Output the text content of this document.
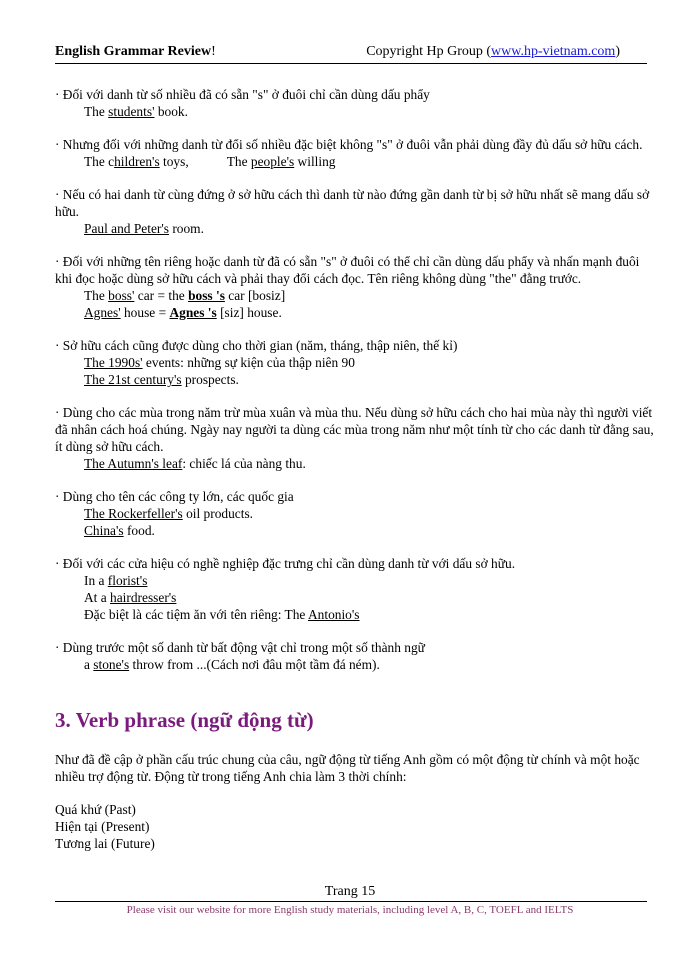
English Grammar Review!	Copyright Hp Group (www.hp-vietnam.com)

· Đối với danh từ số nhiều đã có sẵn "s" ở đuôi chỉ cần dùng dấu phẩy

The students' book.

· Nhưng đối với những danh từ đổi số nhiều đặc biệt không "s" ở đuôi vẫn phải dùng đầy đủ dấu sở hữu cách.

The children's toys,	The people's willing

· Nếu có hai danh từ cùng đứng ở sở hữu cách thì danh từ nào đứng gần danh từ bị sở hữu nhất sẽ mang dấu sở hữu.

Paul and Peter's room.

· Đối với những tên riêng hoặc danh từ đã có sẵn "s" ở đuôi có thể chỉ cần dùng dấu phẩy và nhấn mạnh đuôi khi đọc hoặc dùng sở hữu cách và phải thay đổi cách đọc. Tên riêng không dùng "the" đằng trước.

The boss' car = the boss 's car [bosiz]

Agnes' house = Agnes 's [siz] house.

· Sở hữu cách cũng được dùng cho thời gian (năm, tháng, thập niên, thế kỉ)

The 1990s' events: những sự kiện của thập niên 90

The 21st century's prospects.

· Dùng cho các mùa trong năm trừ mùa xuân và mùa thu. Nếu dùng sở hữu cách cho hai mùa này thì người viết đã nhân cách hoá chúng. Ngày nay người ta dùng các mùa trong năm như một tính từ cho các danh từ đằng sau, ít dùng sở hữu cách.

The Autumn's leaf: chiếc lá của nàng thu.

· Dùng cho tên các công ty lớn, các quốc gia

The Rockerfeller's oil products.

China's food.

· Đối với các cửa hiệu có nghề nghiệp đặc trưng chỉ cần dùng danh từ với dấu sở hữu.

In a florist's

At a hairdresser's

Đặc biệt là các tiệm ăn với tên riêng: The Antonio's

· Dùng trước một số danh từ bất động vật chỉ trong một số thành ngữ

a stone's throw from ...(Cách nơi đâu một tầm đá ném).

3. Verb phrase (ngữ động từ)

Như đã đề cập ở phần cấu trúc chung của câu, ngữ động từ tiếng Anh gồm có một động từ chính và một hoặc nhiều trợ động từ. Động từ trong tiếng Anh chia làm 3 thời chính:

Quá khứ (Past)
Hiện tại (Present)
Tương lai (Future)
Trang 15
Please visit our website for more English study materials, including level A, B, C, TOEFL and IELTS
